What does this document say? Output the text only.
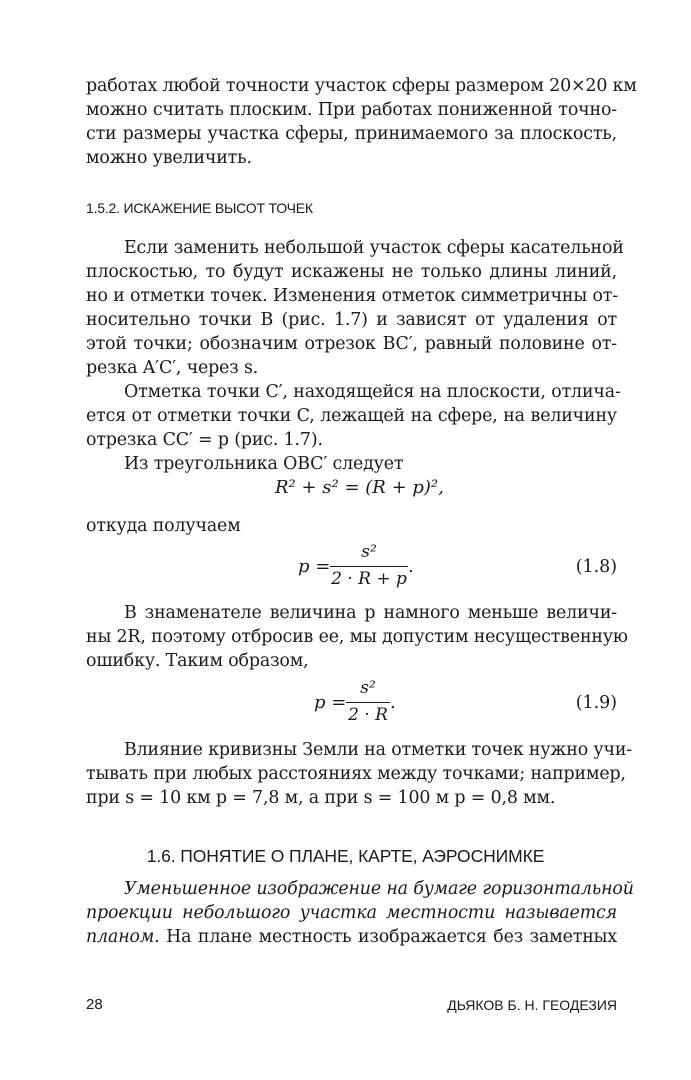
работах любой точности участок сферы размером 20×20 км
можно считать плоским. При работах пониженной точно-
сти размеры участка сферы, принимаемого за плоскость,
можно увеличить.
1.5.2. ИСКАЖЕНИЕ ВЫСОТ ТОЧЕК
Если заменить небольшой участок сферы касательной
плоскостью, то будут искажены не только длины линий,
но и отметки точек. Изменения отметок симметричны от-
носительно точки B (рис. 1.7) и зависят от удаления от
этой точки; обозначим отрезок BC′, равный половине от-
резка A′C′, через s.
Отметка точки C′, находящейся на плоскости, отлича-
ется от отметки точки C, лежащей на сфере, на величину
отрезка CC′ = p (рис. 1.7).
Из треугольника OBC′ следует
R² + s² = (R + p)²,
откуда получаем
p =
s²
2 · R + p
.	(1.8)
В знаменателе величина p намного меньше величи-
ны 2R, поэтому отбросив ее, мы допустим несущественную
ошибку. Таким образом,
p =
s²
2 · R
.	(1.9)
Влияние кривизны Земли на отметки точек нужно учи-
тывать при любых расстояниях между точками; например,
при s = 10 км p = 7,8 м, а при s = 100 м p = 0,8 мм.
1.6. ПОНЯТИЕ О ПЛАНЕ, КАРТЕ, АЭРОСНИМКЕ
Уменьшенное изображение на бумаге горизонтальной
проекции небольшого участка местности называется
планом. На плане местность изображается без заметных
28	ДЬЯКОВ Б. Н. ГЕОДЕЗИЯ
